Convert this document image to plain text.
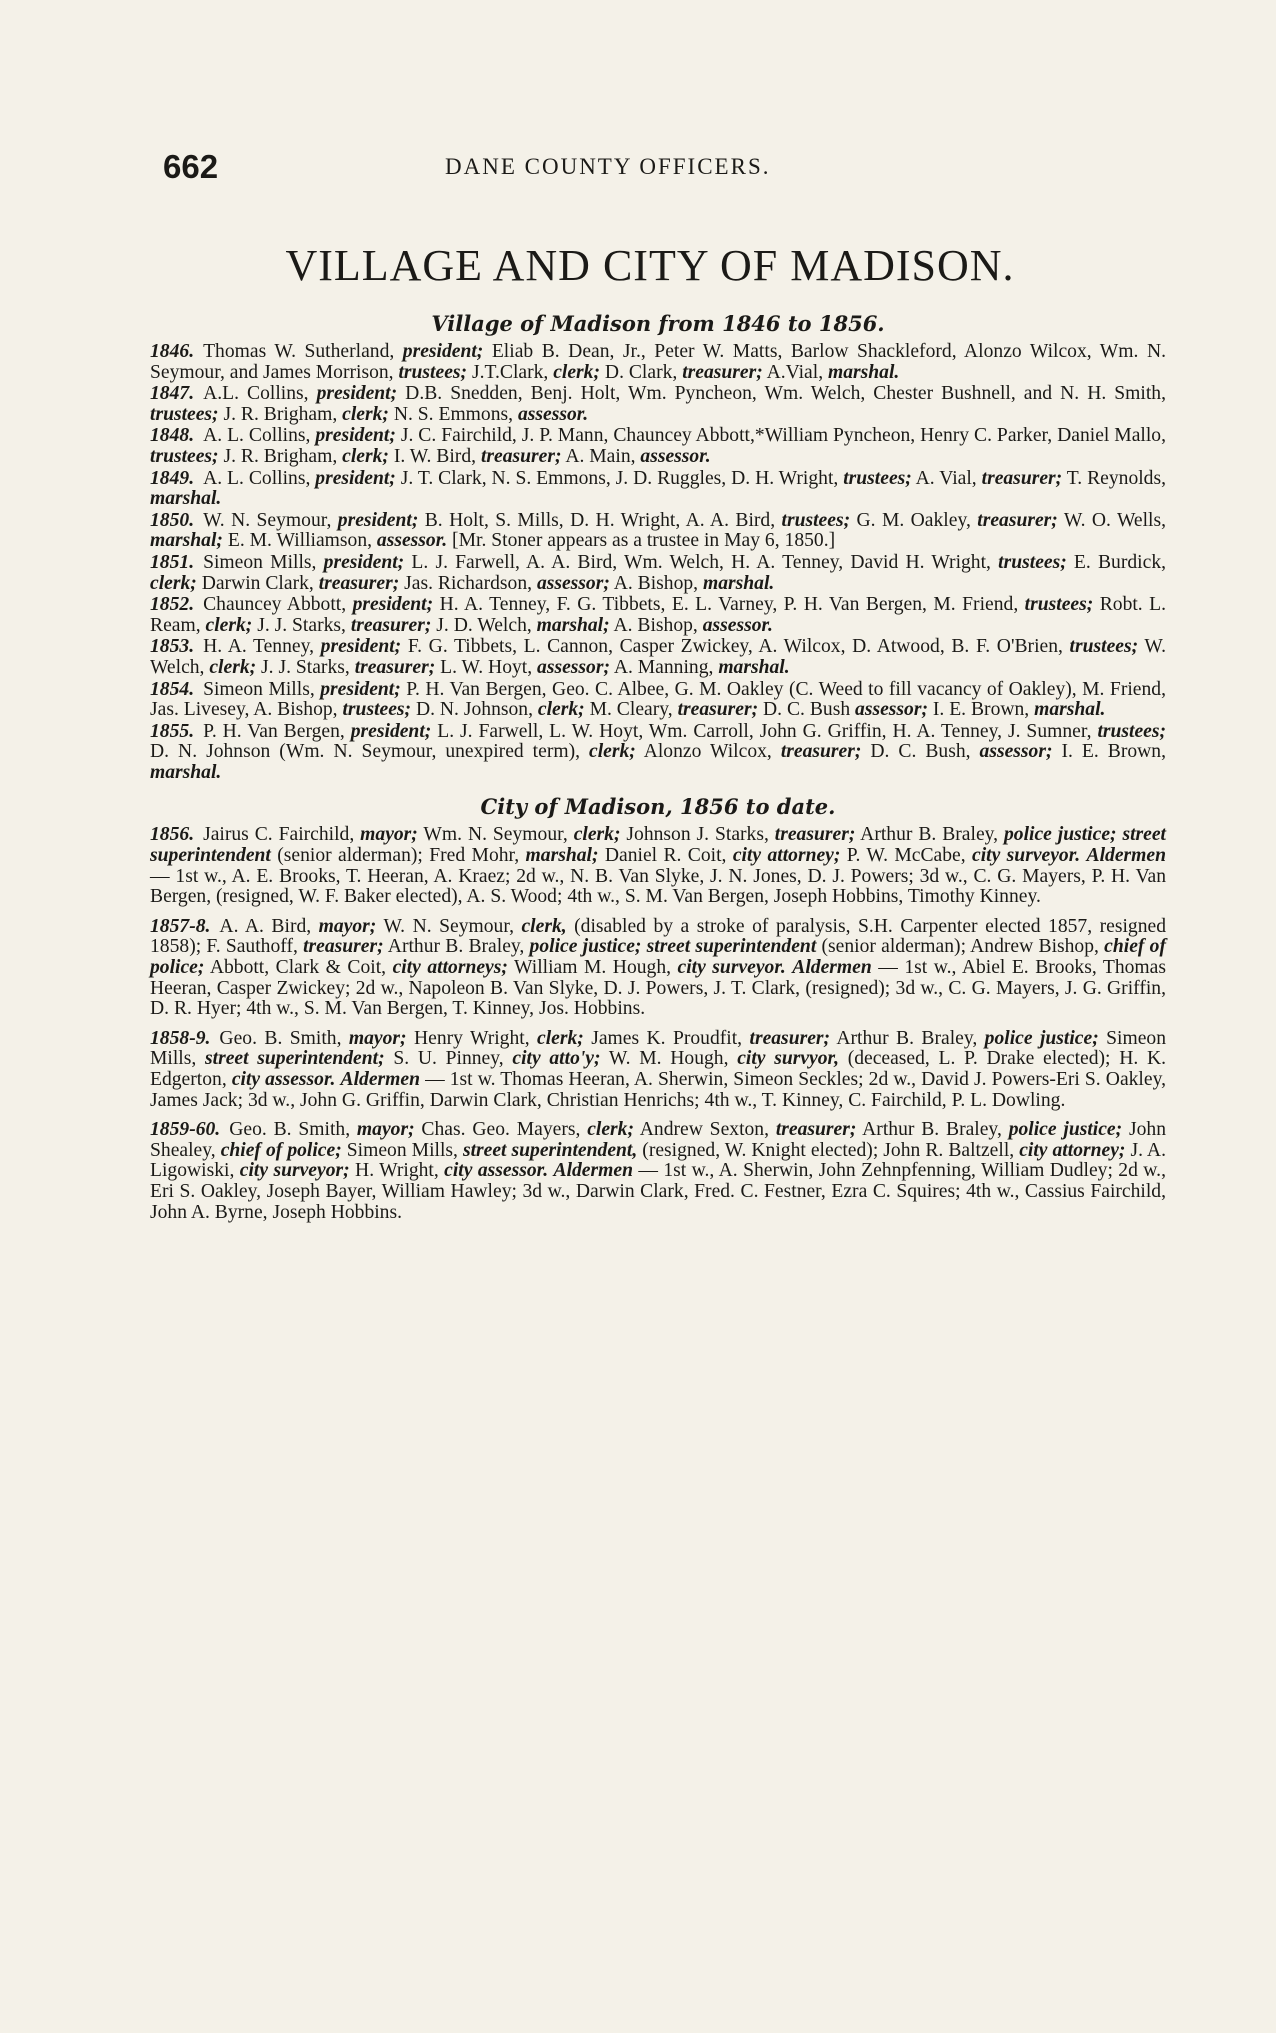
662	DANE COUNTY OFFICERS.
VILLAGE AND CITY OF MADISON.
Village of Madison from 1846 to 1856.

1846. Thomas W. Sutherland, president; Eliab B. Dean, Jr., Peter W. Matts, Barlow Shackleford, Alonzo Wilcox, Wm. N. Seymour, and James Morrison, trustees; J.T.Clark, clerk; D. Clark, treasurer; A.Vial, marshal.

1847. A.L. Collins, president; D.B. Snedden, Benj. Holt, Wm. Pyncheon, Wm. Welch, Chester Bushnell, and N. H. Smith, trustees; J. R. Brigham, clerk; N. S. Emmons, assessor.

1848. A. L. Collins, president; J. C. Fairchild, J. P. Mann, Chauncey Abbott,*William Pyncheon, Henry C. Parker, Daniel Mallo, trustees; J. R. Brigham, clerk; I. W. Bird, treasurer; A. Main, assessor.

1849. A. L. Collins, president; J. T. Clark, N. S. Emmons, J. D. Ruggles, D. H. Wright, trustees; A. Vial, treasurer; T. Reynolds, marshal.

1850. W. N. Seymour, president; B. Holt, S. Mills, D. H. Wright, A. A. Bird, trustees; G. M. Oakley, treasurer; W. O. Wells, marshal; E. M. Williamson, assessor. [Mr. Stoner appears as a trustee in May 6, 1850.]

1851. Simeon Mills, president; L. J. Farwell, A. A. Bird, Wm. Welch, H. A. Tenney, David H. Wright, trustees; E. Burdick, clerk; Darwin Clark, treasurer; Jas. Richardson, assessor; A. Bishop, marshal.

1852. Chauncey Abbott, president; H. A. Tenney, F. G. Tibbets, E. L. Varney, P. H. Van Bergen, M. Friend, trustees; Robt. L. Ream, clerk; J. J. Starks, treasurer; J. D. Welch, marshal; A. Bishop, assessor.

1853. H. A. Tenney, president; F. G. Tibbets, L. Cannon, Casper Zwickey, A. Wilcox, D. Atwood, B. F. O'Brien, trustees; W. Welch, clerk; J. J. Starks, treasurer; L. W. Hoyt, assessor; A. Manning, marshal.

1854. Simeon Mills, president; P. H. Van Bergen, Geo. C. Albee, G. M. Oakley (C. Weed to fill vacancy of Oakley), M. Friend, Jas. Livesey, A. Bishop, trustees; D. N. Johnson, clerk; M. Cleary, treasurer; D. C. Bush assessor; I. E. Brown, marshal.

1855. P. H. Van Bergen, president; L. J. Farwell, L. W. Hoyt, Wm. Carroll, John G. Griffin, H. A. Tenney, J. Sumner, trustees; D. N. Johnson (Wm. N. Seymour, unexpired term), clerk; Alonzo Wilcox, treasurer; D. C. Bush, assessor; I. E. Brown, marshal.

City of Madison, 1856 to date.

1856. Jairus C. Fairchild, mayor; Wm. N. Seymour, clerk; Johnson J. Starks, treasurer; Arthur B. Braley, police justice; street superintendent (senior alderman); Fred Mohr, marshal; Daniel R. Coit, city attorney; P. W. McCabe, city surveyor. Aldermen — 1st w., A. E. Brooks, T. Heeran, A. Kraez; 2d w., N. B. Van Slyke, J. N. Jones, D. J. Powers; 3d w., C. G. Mayers, P. H. Van Bergen, (resigned, W. F. Baker elected), A. S. Wood; 4th w., S. M. Van Bergen, Joseph Hobbins, Timothy Kinney.

1857-8. A. A. Bird, mayor; W. N. Seymour, clerk, (disabled by a stroke of paralysis, S.H. Carpenter elected 1857, resigned 1858); F. Sauthoff, treasurer; Arthur B. Braley, police justice; street superintendent (senior alderman); Andrew Bishop, chief of police; Abbott, Clark & Coit, city attorneys; William M. Hough, city surveyor. Aldermen — 1st w., Abiel E. Brooks, Thomas Heeran, Casper Zwickey; 2d w., Napoleon B. Van Slyke, D. J. Powers, J. T. Clark, (resigned); 3d w., C. G. Mayers, J. G. Griffin, D. R. Hyer; 4th w., S. M. Van Bergen, T. Kinney, Jos. Hobbins.

1858-9. Geo. B. Smith, mayor; Henry Wright, clerk; James K. Proudfit, treasurer; Arthur B. Braley, police justice; Simeon Mills, street superintendent; S. U. Pinney, city atto'y; W. M. Hough, city survyor, (deceased, L. P. Drake elected); H. K. Edgerton, city assessor. Aldermen — 1st w. Thomas Heeran, A. Sherwin, Simeon Seckles; 2d w., David J. Powers-Eri S. Oakley, James Jack; 3d w., John G. Griffin, Darwin Clark, Christian Henrichs; 4th w., T. Kinney, C. Fairchild, P. L. Dowling.

1859-60. Geo. B. Smith, mayor; Chas. Geo. Mayers, clerk; Andrew Sexton, treasurer; Arthur B. Braley, police justice; John Shealey, chief of police; Simeon Mills, street superintendent, (resigned, W. Knight elected); John R. Baltzell, city attorney; J. A. Ligowiski, city surveyor; H. Wright, city assessor. Aldermen — 1st w., A. Sherwin, John Zehnpfenning, William Dudley; 2d w., Eri S. Oakley, Joseph Bayer, William Hawley; 3d w., Darwin Clark, Fred. C. Festner, Ezra C. Squires; 4th w., Cassius Fairchild, John A. Byrne, Joseph Hobbins.
